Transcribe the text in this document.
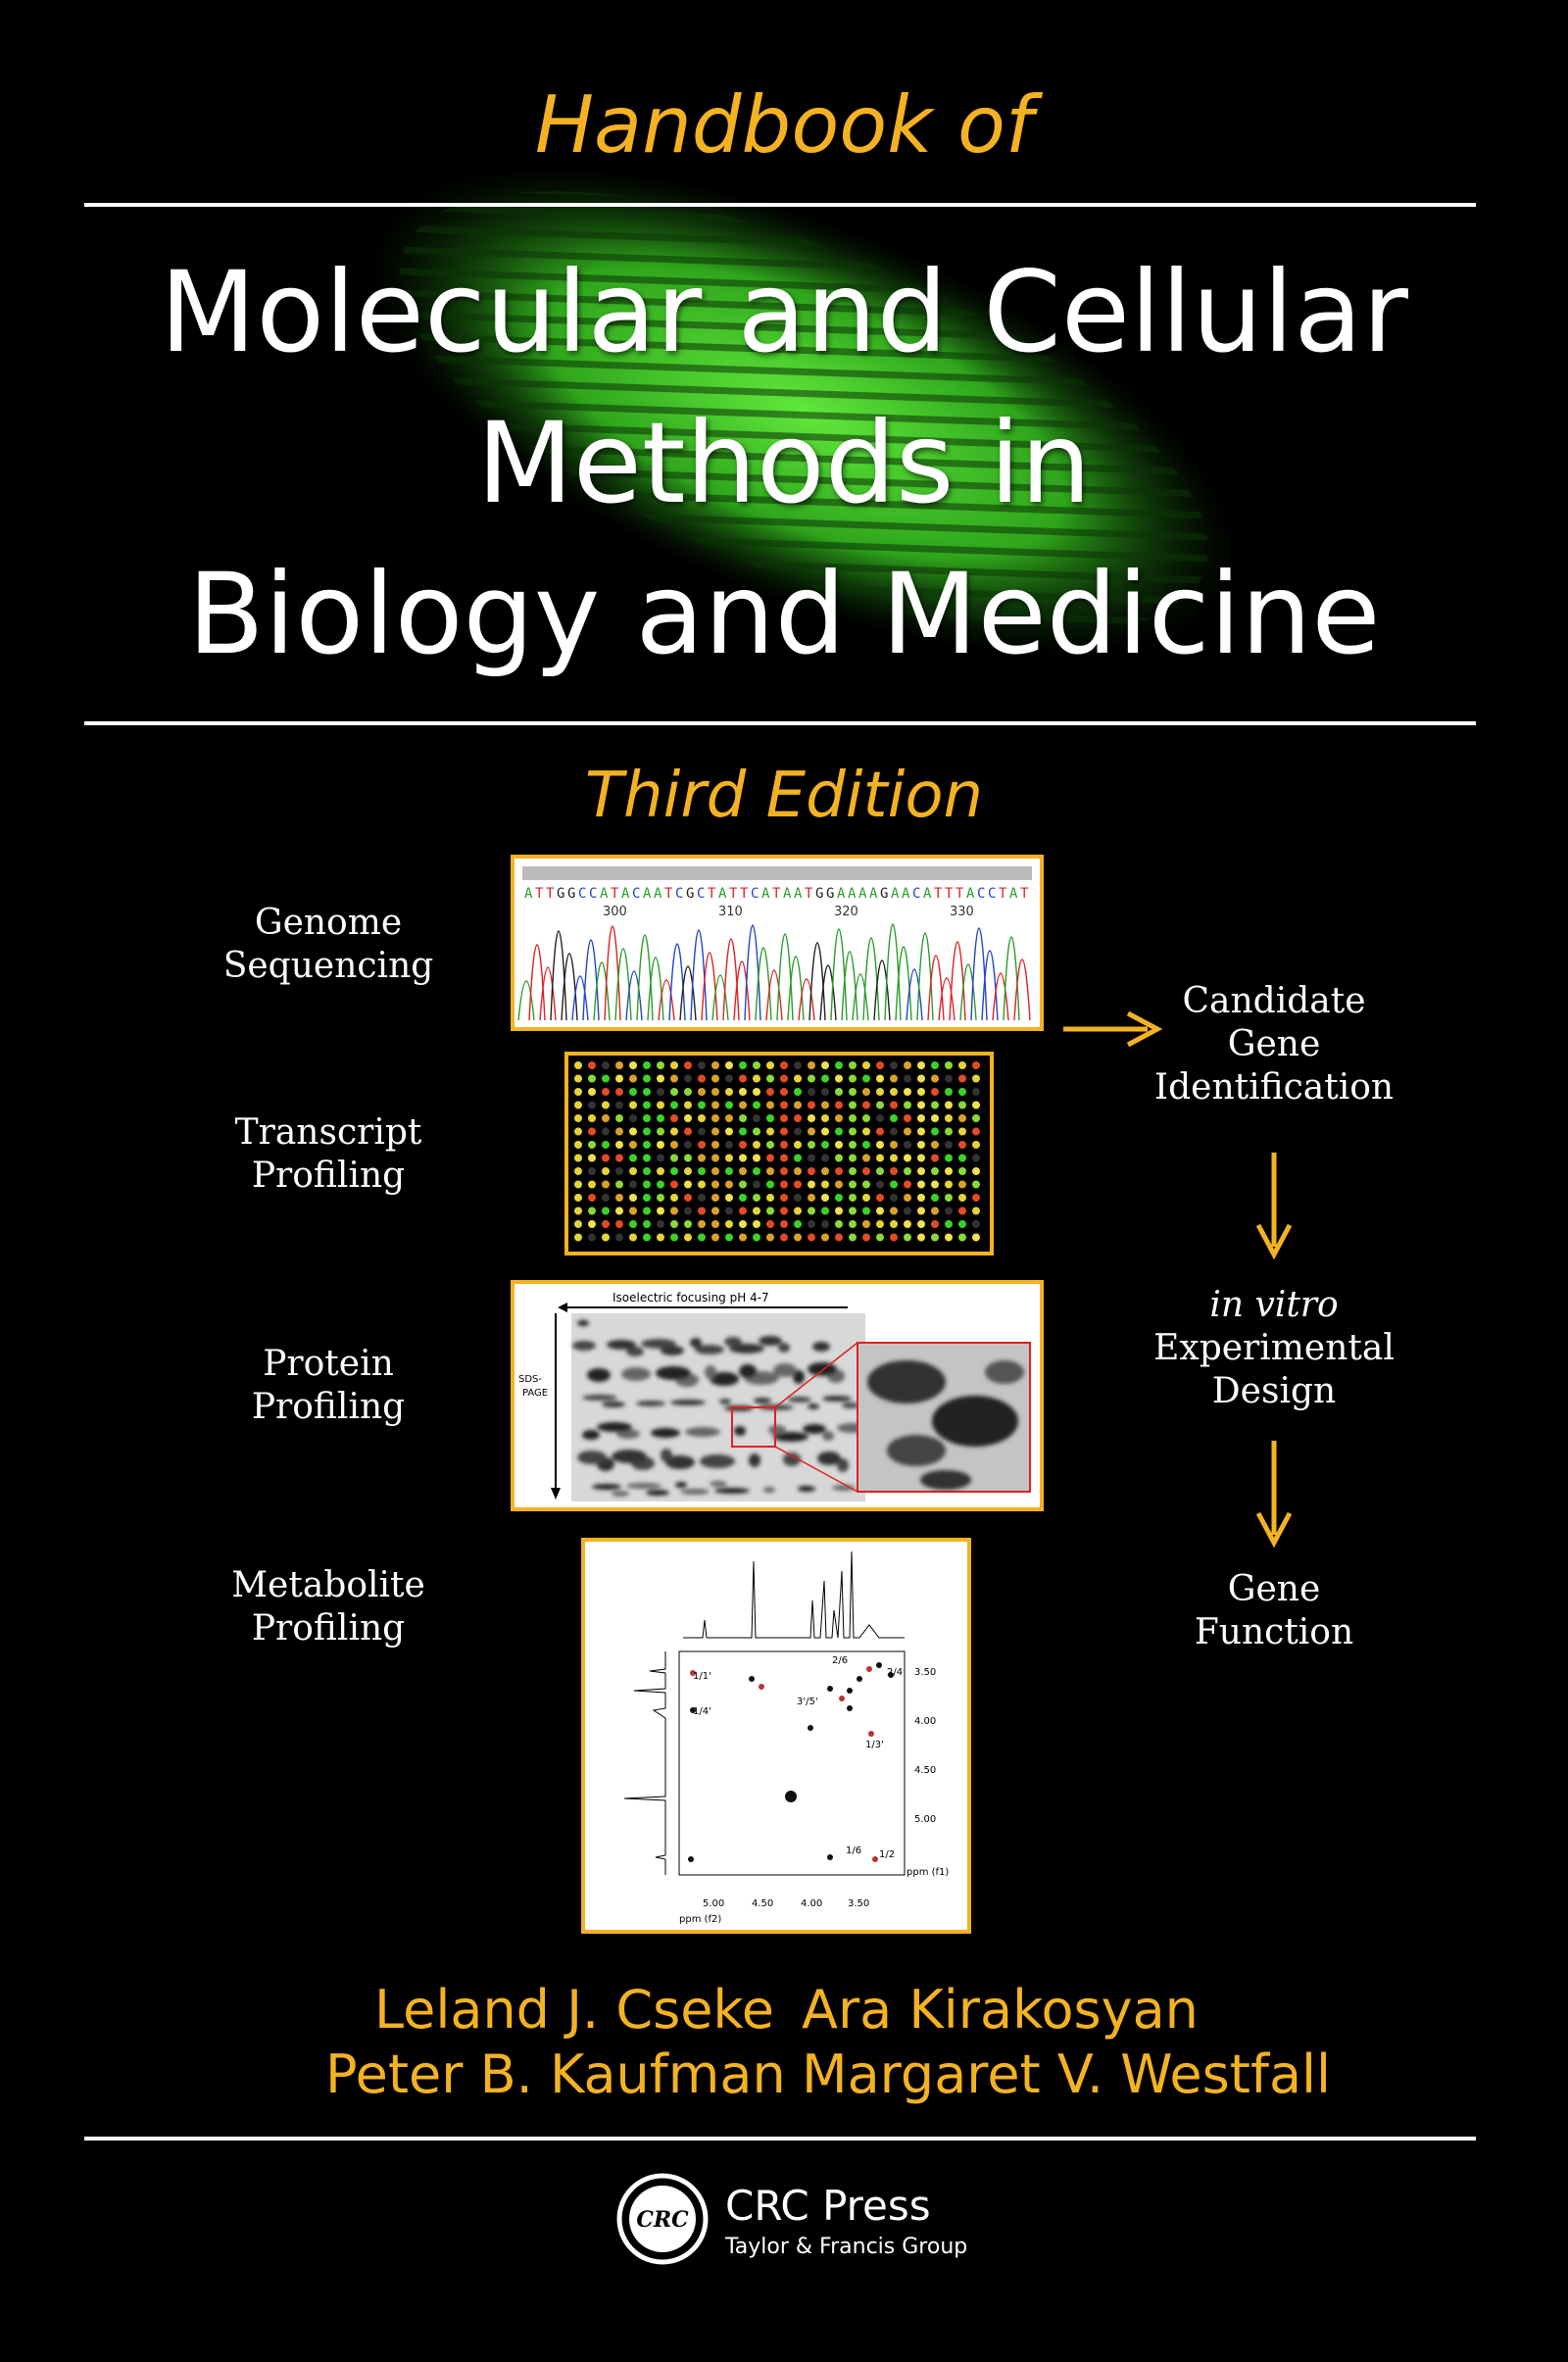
Handbook of
Molecular and Cellular
Methods in
Biology and Medicine
Third Edition
Genome
Sequencing
Transcript
Profiling
Protein
Profiling
Metabolite
Profiling
A T T G G C C A T A C A A T C G C T A T T C A T A A T G G A A A A G A A C A T T T A C C T A T
300	310	320	330
Isoelectric focusing pH 4-7
SDS-
PAGE
1/1'
1/4'
2/6
2/4
3'/5'
1/3'
1/6 1/2
5.00	4.50	4.00	3.50
ppm (f2)
3.50
4.00
4.50
5.00
ppm (f1)
Candidate
Gene
Identification
in vitro
Experimental
Design
Gene
Function
Leland J. Cseke Ara Kirakosyan
Peter B. Kaufman Margaret V. Westfall
CRC CRC Press
Taylor & Francis Group
